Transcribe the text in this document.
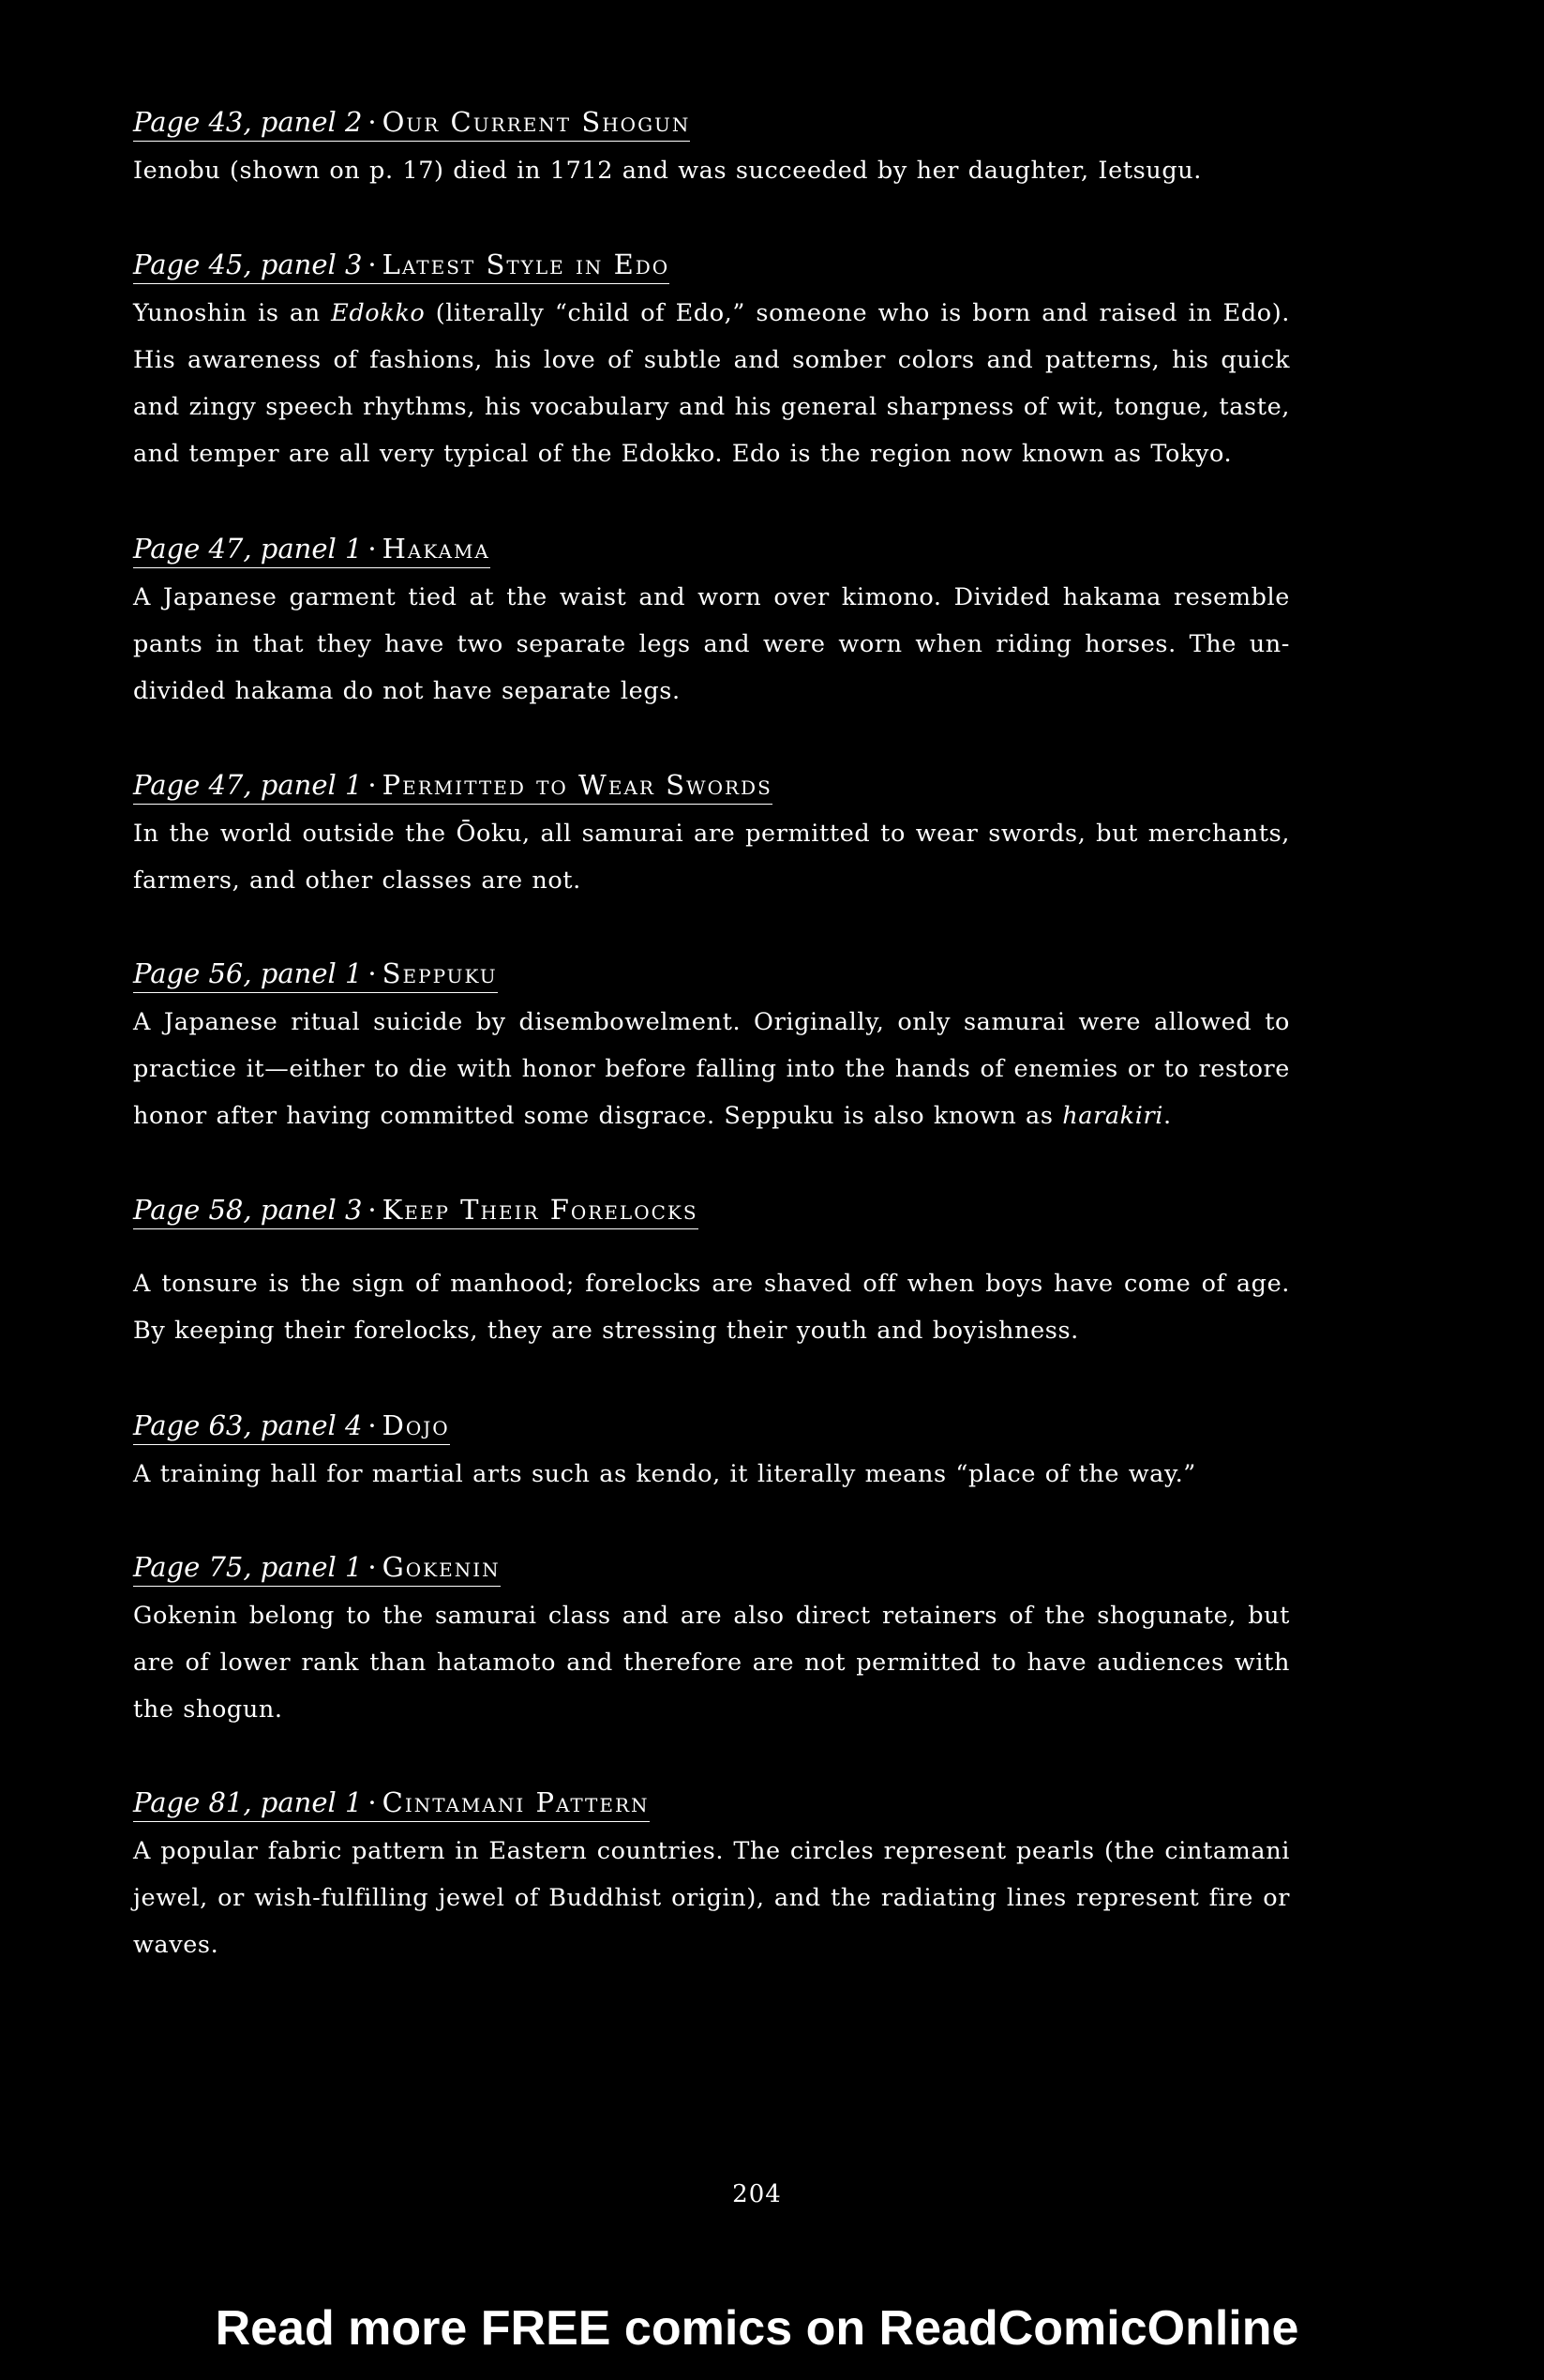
Page 43, panel 2 · Our Current Shogun
Ienobu (shown on p. 17) died in 1712 and was succeeded by her daughter, Ietsugu.
Page 45, panel 3 · Latest Style in Edo
Yunoshin is an Edokko (literally “child of Edo,” someone who is born and raised in Edo). His awareness of fashions, his love of subtle and somber colors and patterns, his quick and zingy speech rhythms, his vocabulary and his general sharpness of wit, tongue, taste, and temper are all very typical of the Edokko. Edo is the region now known as Tokyo.
Page 47, panel 1 · Hakama
A Japanese garment tied at the waist and worn over kimono. Divided hakama resemble pants in that they have two separate legs and were worn when riding horses. The un-divided hakama do not have separate legs.
Page 47, panel 1 · Permitted to Wear Swords
In the world outside the Ōoku, all samurai are permitted to wear swords, but merchants, farmers, and other classes are not.
Page 56, panel 1 · Seppuku
A Japanese ritual suicide by disembowelment. Originally, only samurai were allowed to practice it—either to die with honor before falling into the hands of enemies or to restore honor after having committed some disgrace. Seppuku is also known as harakiri.
Page 58, panel 3 · Keep Their Forelocks
A tonsure is the sign of manhood; forelocks are shaved off when boys have come of age. By keeping their forelocks, they are stressing their youth and boyishness.
Page 63, panel 4 · Dojo
A training hall for martial arts such as kendo, it literally means “place of the way.”
Page 75, panel 1 · Gokenin
Gokenin belong to the samurai class and are also direct retainers of the shogunate, but are of lower rank than hatamoto and therefore are not permitted to have audiences with the shogun.
Page 81, panel 1 · Cintamani Pattern
A popular fabric pattern in Eastern countries. The circles represent pearls (the cintamani jewel, or wish-fulfilling jewel of Buddhist origin), and the radiating lines represent fire or waves.
204
Read more FREE comics on ReadComicOnline
